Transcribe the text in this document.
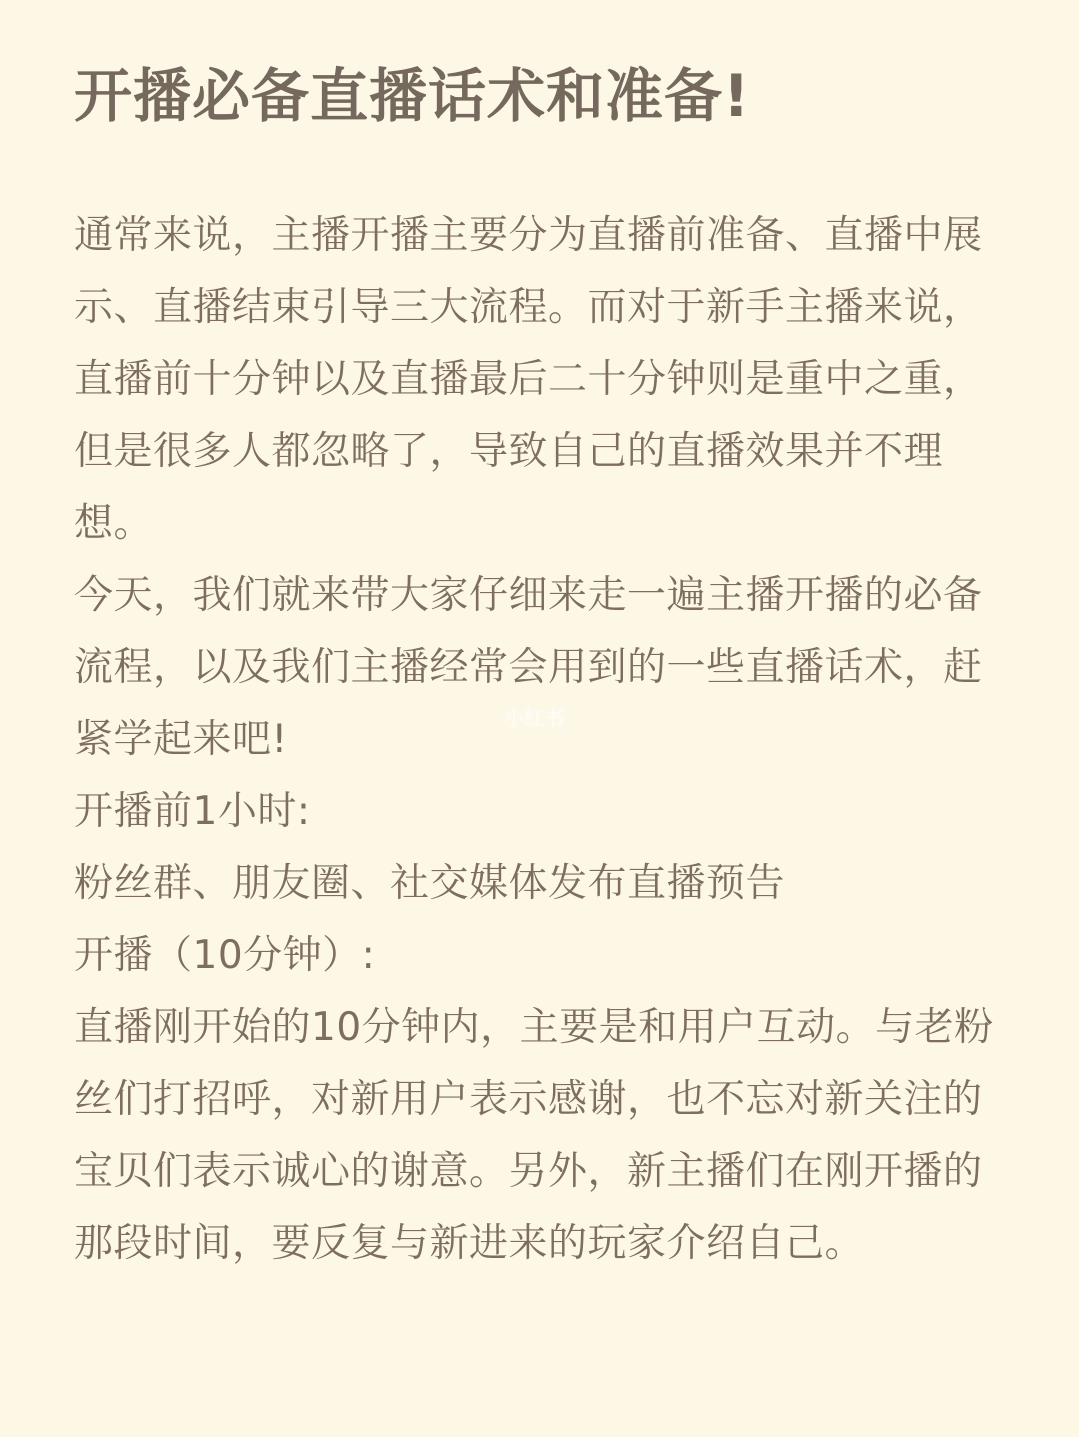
开播必备直播话术和准备!
通常来说，主播开播主要分为直播前准备、直播中展
示、直播结束引导三大流程。而对于新手主播来说，
直播前十分钟以及直播最后二十分钟则是重中之重，
但是很多人都忽略了，导致自己的直播效果并不理
想。
今天，我们就来带大家仔细来走一遍主播开播的必备
流程，以及我们主播经常会用到的一些直播话术，赶
紧学起来吧!
开播前1小时:
粉丝群、朋友圈、社交媒体发布直播预告
开播（10分钟）:
直播刚开始的10分钟内，主要是和用户互动。与老粉
丝们打招呼，对新用户表示感谢，也不忘对新关注的
宝贝们表示诚心的谢意。另外，新主播们在刚开播的
那段时间，要反复与新进来的玩家介绍自己。
小红书
